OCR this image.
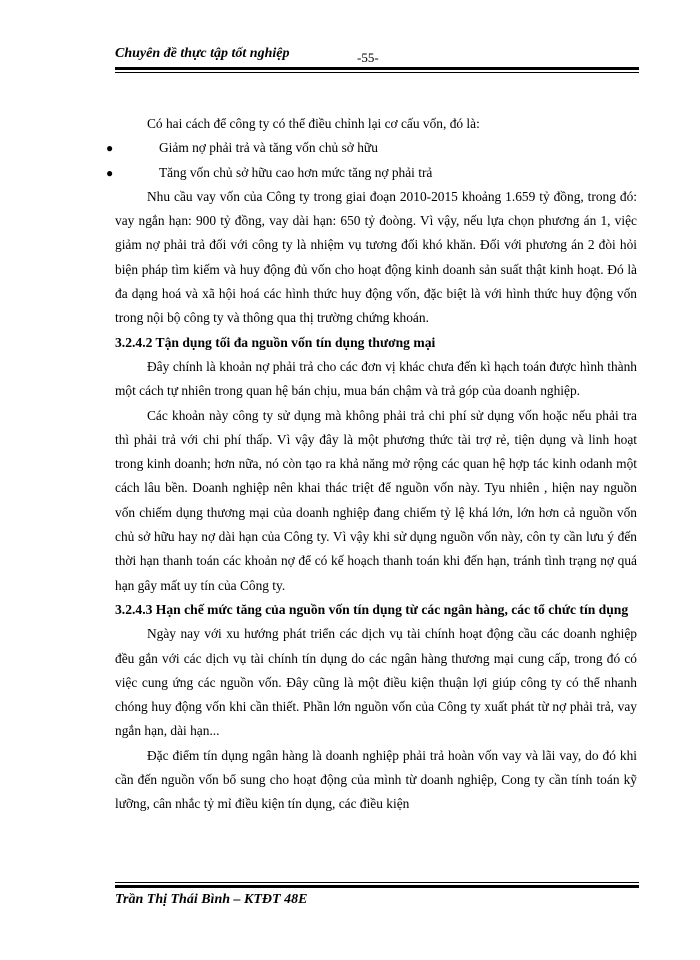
Chuyên đề thực tập tốt nghiệp	-55-

Có hai cách để công ty có thể điều chỉnh lại cơ cấu vốn, đó là:

●	Giảm nợ phải trả và tăng vốn chủ sở hữu
●	Tăng vốn chủ sở hữu cao hơn mức tăng nợ phải trả

Nhu cầu vay vốn của Công ty trong giai đoạn 2010-2015 khoảng 1.659 tỷ đồng, trong đó: vay ngắn hạn: 900 tỷ đồng, vay dài hạn: 650 tỷ đoòng. Vì vậy, nếu lựa chọn phương án 1, việc giảm nợ phải trả đối với công ty là nhiệm vụ tương đối khó khăn. Đối với phương án 2 đòi hỏi biện pháp tìm kiếm và huy động đủ vốn cho hoạt động kinh doanh sản suất thật kinh hoạt. Đó là đa dạng hoá và xã hội hoá các hình thức huy động vốn, đặc biệt là với hình thức huy động vốn trong nội bộ công ty và thông qua thị trường chứng khoán.

3.2.4.2 Tận dụng tối đa nguồn vốn tín dụng thương mại

Đây chính là khoản nợ phải trả cho các đơn vị khác chưa đến kì hạch toán được hình thành một cách tự nhiên trong quan hệ bán chịu, mua bán chậm và trả góp của doanh nghiệp.

Các khoản này công ty sử dụng mà không phải trả chi phí sử dụng vốn hoặc nếu phải tra thì phải trả với chi phí thấp. Vì vậy đây là một phương thức tài trợ rẻ, tiện dụng và linh hoạt trong kinh doanh; hơn nữa, nó còn tạo ra khả năng mở rộng các quan hệ hợp tác kinh odanh một cách lâu bền. Doanh nghiệp nên khai thác triệt để nguồn vốn này. Tyu nhiên , hiện nay nguồn vốn chiếm dụng thương mại của doanh nghiệp đang chiếm tỷ lệ khá lớn, lớn hơn cả nguồn vốn chủ sở hữu hay nợ dài hạn của Công ty. Vì vậy khi sử dụng nguồn vốn này, côn ty cần lưu ý đến thời hạn thanh toán các khoản nợ để có kế hoạch thanh toán khi đến hạn, tránh tình trạng nợ quá hạn gây mất uy tín của Công ty.

3.2.4.3 Hạn chế mức tăng của nguồn vốn tín dụng từ các ngân hàng, các tổ chức tín dụng

Ngày nay với xu hướng phát triển các dịch vụ tài chính hoạt động cầu các doanh nghiệp đều gắn với các dịch vụ tài chính tín dụng do các ngân hàng thương mại cung cấp, trong đó có việc cung ứng các nguồn vốn. Đây cũng là một điều kiện thuận lợi giúp công ty có thể nhanh chóng huy động vốn khi cần thiết. Phần lớn nguồn vốn của Công ty xuất phát từ nợ phải trả, vay ngắn hạn, dài hạn...

Đặc điểm tín dụng ngân hàng là doanh nghiệp phải trả hoàn vốn vay và lãi vay, do đó khi cần đến nguồn vốn bổ sung cho hoạt động của mình từ doanh nghiệp, Cong ty cần tính toán kỹ lưỡng, cân nhắc tỷ mỉ điều kiện tín dụng, các điều kiện

Trần Thị Thái Bình – KTĐT 48E
